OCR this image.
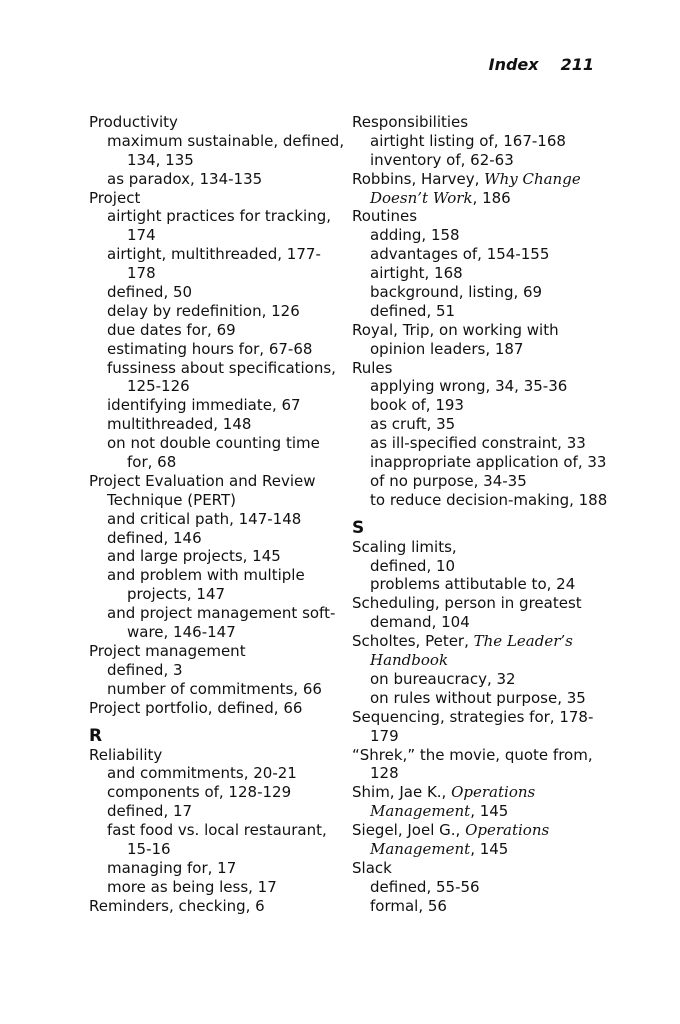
Index 211
Productivity
maximum sustainable, defined,
134, 135
as paradox, 134-135
Project
airtight practices for tracking,
174
airtight, multithreaded, 177-
178
defined, 50
delay by redefinition, 126
due dates for, 69
estimating hours for, 67-68
fussiness about specifications,
125-126
identifying immediate, 67
multithreaded, 148
on not double counting time
for, 68
Project Evaluation and Review
Technique (PERT)
and critical path, 147-148
defined, 146
and large projects, 145
and problem with multiple
projects, 147
and project management soft-
ware, 146-147
Project management
defined, 3
number of commitments, 66
Project portfolio, defined, 66
R
Reliability
and commitments, 20-21
components of, 128-129
defined, 17
fast food vs. local restaurant,
15-16
managing for, 17
more as being less, 17
Reminders, checking, 6
Responsibilities
airtight listing of, 167-168
inventory of, 62-63
Robbins, Harvey, Why Change
Doesn’t Work, 186
Routines
adding, 158
advantages of, 154-155
airtight, 168
background, listing, 69
defined, 51
Royal, Trip, on working with
opinion leaders, 187
Rules
applying wrong, 34, 35-36
book of, 193
as cruft, 35
as ill-specified constraint, 33
inappropriate application of, 33
of no purpose, 34-35
to reduce decision-making, 188
S
Scaling limits,
defined, 10
problems attibutable to, 24
Scheduling, person in greatest
demand, 104
Scholtes, Peter, The Leader’s
Handbook
on bureaucracy, 32
on rules without purpose, 35
Sequencing, strategies for, 178-
179
“Shrek,” the movie, quote from,
128
Shim, Jae K., Operations
Management, 145
Siegel, Joel G., Operations
Management, 145
Slack
defined, 55-56
formal, 56
